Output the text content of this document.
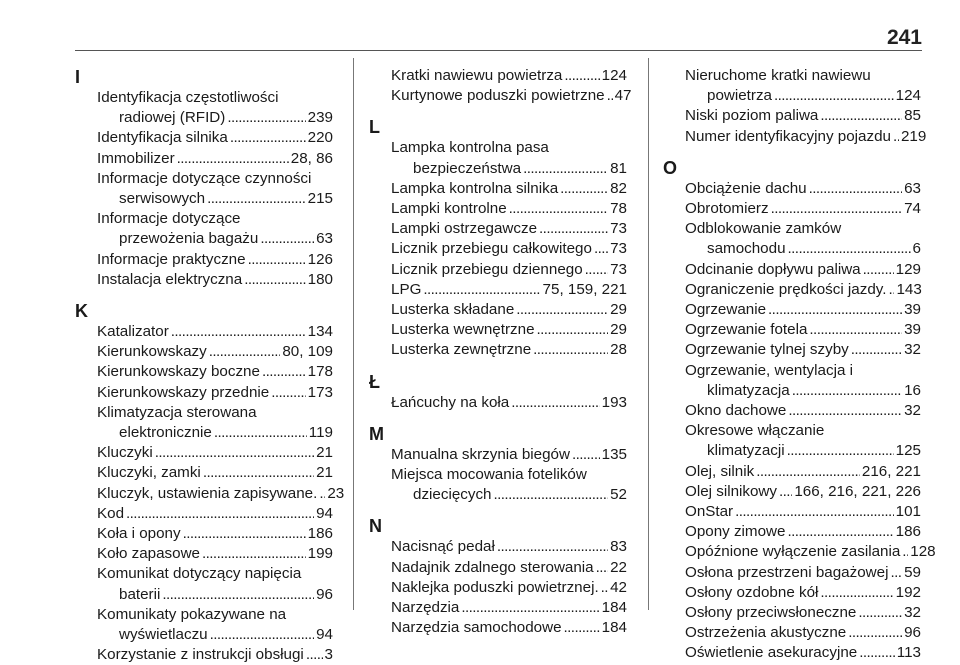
241
I
Identyfikacja częstotliwości
radiowej (RFID) . . .	239
Identyfikacja silnika . . .	220
Immobilizer . . .	28, 86
Informacje dotyczące czynności
serwisowych . . .	215
Informacje dotyczące
przewożenia bagażu . . .	63
Informacje praktyczne . . .	126
Instalacja elektryczna . . .	180
K
Katalizator . . .	134
Kierunkowskazy . . .	80, 109
Kierunkowskazy boczne . . .	178
Kierunkowskazy przednie . . .	173
Klimatyzacja sterowana
elektronicznie . . .	119
Kluczyki . . .	21
Kluczyki, zamki . . .	21
Kluczyk, ustawienia zapisywane. . . . 23
Kod . . .	94
Koła i opony . . .	186
Koło zapasowe . . .	199
Komunikat dotyczący napięcia
baterii . . .	96
Komunikaty pokazywane na
wyświetlaczu . . .	94
Korzystanie z instrukcji obsługi . . . 3
Kratki nawiewu powietrza . . .	124
Kurtynowe poduszki powietrzne . . . 47
L
Lampka kontrolna pasa
bezpieczeństwa . . .	81
Lampka kontrolna silnika . . .	82
Lampki kontrolne . . .	78
Lampki ostrzegawcze . . .	73
Licznik przebiegu całkowitego . . . 73
Licznik przebiegu dziennego . . . 73
LPG . . .	75, 159, 221
Lusterka składane . . .	29
Lusterka wewnętrzne . . .	29
Lusterka zewnętrzne . . .	28
Ł
Łańcuchy na koła . . .	193
M
Manualna skrzynia biegów . . . 135
Miejsca mocowania fotelików
dziecięcych . . .	52
N
Nacisnąć pedał . . .	83
Nadajnik zdalnego sterowania . . . 22
Naklejka poduszki powietrznej. . . . 42
Narzędzia . . .	184
Narzędzia samochodowe . . .	184
Nieruchome kratki nawiewu
powietrza . . .	124
Niski poziom paliwa . . .	85
Numer identyfikacyjny pojazdu . . . 219
O
Obciążenie dachu . . .	63
Obrotomierz . . .	74
Odblokowanie zamków
samochodu . . .	6
Odcinanie dopływu paliwa . . . 129
Ograniczenie prędkości jazdy. . . . 143
Ogrzewanie . . .	39
Ogrzewanie fotela . . .	39
Ogrzewanie tylnej szyby . . .	32
Ogrzewanie, wentylacja i
klimatyzacja . . .	16
Okno dachowe . . .	32
Okresowe włączanie
klimatyzacji . . .	125
Olej, silnik . . .	216, 221
Olej silnikowy . . . 166, 216, 221, 226
OnStar . . .	101
Opony zimowe . . .	186
Opóźnione wyłączenie zasilania . . . 128
Osłona przestrzeni bagażowej . . . 59
Osłony ozdobne kół . . .	192
Osłony przeciwsłoneczne . . .	32
Ostrzeżenia akustyczne . . .	96
Oświetlenie asekuracyjne . . .	113
